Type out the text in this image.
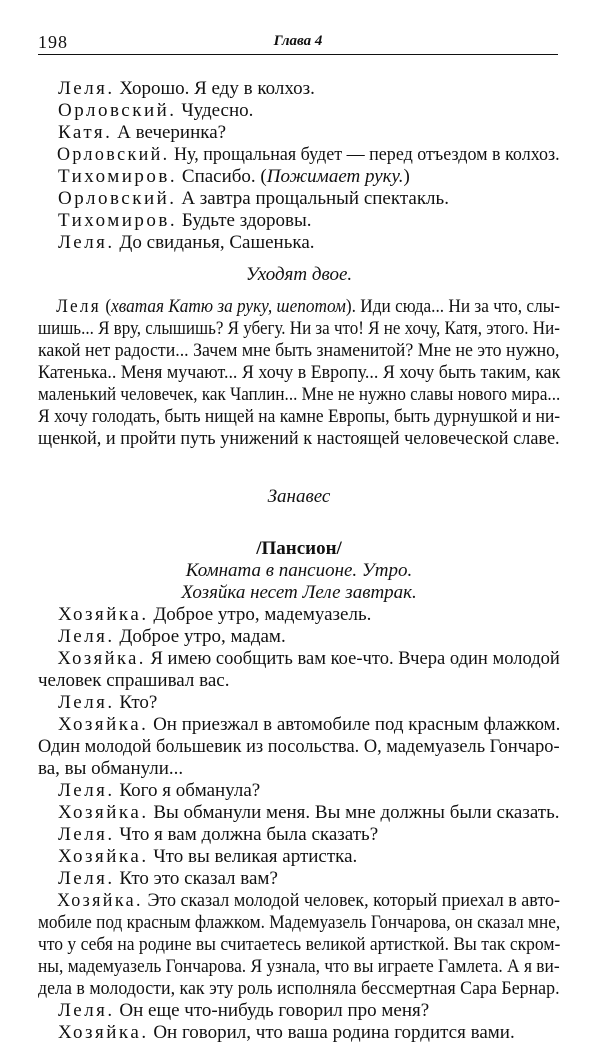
198	Глава 4
Леля. Хорошо. Я еду в колхоз.
Орловский. Чудесно.
Катя. А вечеринка?
Орловский. Ну, прощальная будет — перед отъездом в колхоз.
Тихомиров. Спасибо. (Пожимает руку.)
Орловский. А завтра прощальный спектакль.
Тихомиров. Будьте здоровы.
Леля. До свиданья, Сашенька.
Уходят двое.
Леля (хватая Катю за руку, шепотом). Иди сюда... Ни за что, слы-
шишь... Я вру, слышишь? Я убегу. Ни за что! Я не хочу, Катя, этого. Ни-
какой нет радости... Зачем мне быть знаменитой? Мне не это нужно,
Катенька.. Меня мучают... Я хочу в Европу... Я хочу быть таким, как
маленький человечек, как Чаплин... Мне не нужно славы нового мира...
Я хочу голодать, быть нищей на камне Европы, быть дурнушкой и ни-
щенкой, и пройти путь унижений к настоящей человеческой славе.
Занавес
/Пансион/
Комната в пансионе. Утро.
Хозяйка несет Леле завтрак.
Хозяйка. Доброе утро, мадемуазель.
Леля. Доброе утро, мадам.
Хозяйка. Я имею сообщить вам кое-что. Вчера один молодой
человек спрашивал вас.
Леля. Кто?
Хозяйка. Он приезжал в автомобиле под красным флажком.
Один молодой большевик из посольства. О, мадемуазель Гончаро-
ва, вы обманули...
Леля. Кого я обманула?
Хозяйка. Вы обманули меня. Вы мне должны были сказать.
Леля. Что я вам должна была сказать?
Хозяйка. Что вы великая артистка.
Леля. Кто это сказал вам?
Хозяйка. Это сказал молодой человек, который приехал в авто-
мобиле под красным флажком. Мадемуазель Гончарова, он сказал мне,
что у себя на родине вы считаетесь великой артисткой. Вы так скром-
ны, мадемуазель Гончарова. Я узнала, что вы играете Гамлета. А я ви-
дела в молодости, как эту роль исполняла бессмертная Сара Бернар.
Леля. Он еще что-нибудь говорил про меня?
Хозяйка. Он говорил, что ваша родина гордится вами.
